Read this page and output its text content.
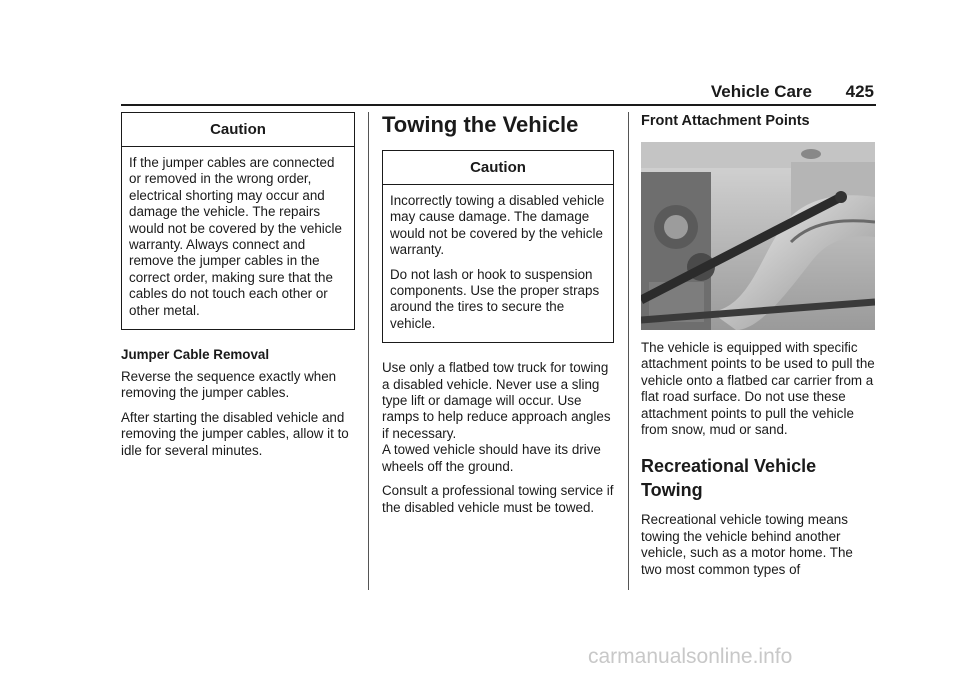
Vehicle Care 425
Caution

If the jumper cables are connected or removed in the wrong order, electrical shorting may occur and damage the vehicle. The repairs would not be covered by the vehicle warranty. Always connect and remove the jumper cables in the correct order, making sure that the cables do not touch each other or other metal.

Jumper Cable Removal

Reverse the sequence exactly when removing the jumper cables.

After starting the disabled vehicle and removing the jumper cables, allow it to idle for several minutes.

Towing the Vehicle
Caution

Incorrectly towing a disabled vehicle may cause damage. The damage would not be covered by the vehicle warranty.

Do not lash or hook to suspension components. Use the proper straps around the tires to secure the vehicle.

Use only a flatbed tow truck for towing a disabled vehicle. Never use a sling type lift or damage will occur. Use ramps to help reduce approach angles if necessary.
A towed vehicle should have its drive wheels off the ground.

Consult a professional towing service if the disabled vehicle must be towed.

Front Attachment Points

The vehicle is equipped with specific attachment points to be used to pull the vehicle onto a flatbed car carrier from a flat road surface. Do not use these attachment points to pull the vehicle from snow, mud or sand.

Recreational Vehicle Towing

Recreational vehicle towing means towing the vehicle behind another vehicle, such as a motor home. The two most common types of

carmanualsonline.info
